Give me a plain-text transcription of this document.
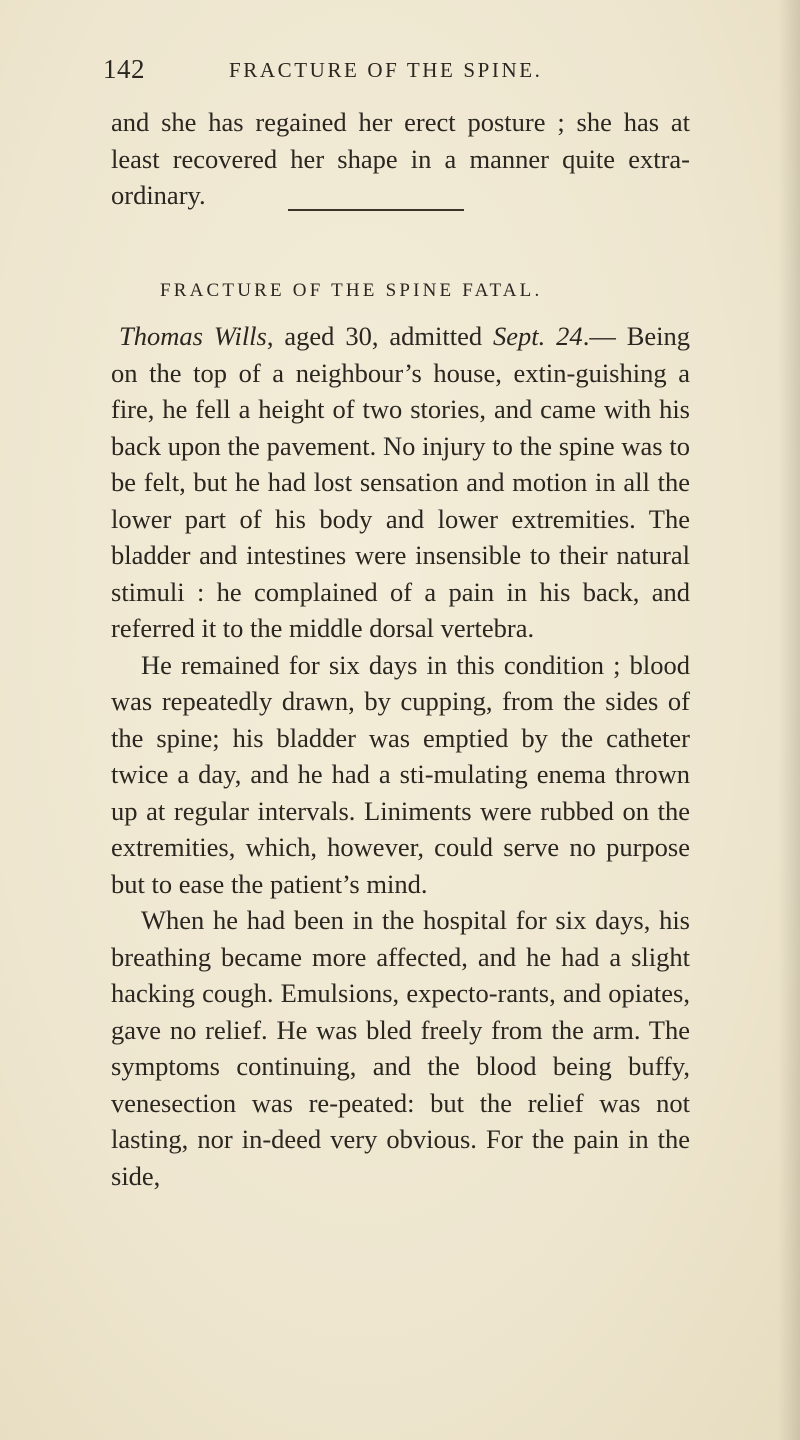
142	FRACTURE OF THE SPINE.
and she has regained her erect posture ; she has at least recovered her shape in a manner quite extra-ordinary.
FRACTURE OF THE SPINE FATAL.

Thomas Wills, aged 30, admitted Sept. 24.— Being on the top of a neighbour’s house, extin-guishing a fire, he fell a height of two stories, and came with his back upon the pavement. No injury to the spine was to be felt, but he had lost sensation and motion in all the lower part of his body and lower extremities. The bladder and intestines were insensible to their natural stimuli : he complained of a pain in his back, and referred it to the middle dorsal vertebra.

He remained for six days in this condition ; blood was repeatedly drawn, by cupping, from the sides of the spine; his bladder was emptied by the catheter twice a day, and he had a sti-mulating enema thrown up at regular intervals. Liniments were rubbed on the extremities, which, however, could serve no purpose but to ease the patient’s mind.

When he had been in the hospital for six days, his breathing became more affected, and he had a slight hacking cough. Emulsions, expecto-rants, and opiates, gave no relief. He was bled freely from the arm. The symptoms continuing, and the blood being buffy, venesection was re-peated: but the relief was not lasting, nor in-deed very obvious. For the pain in the side,
